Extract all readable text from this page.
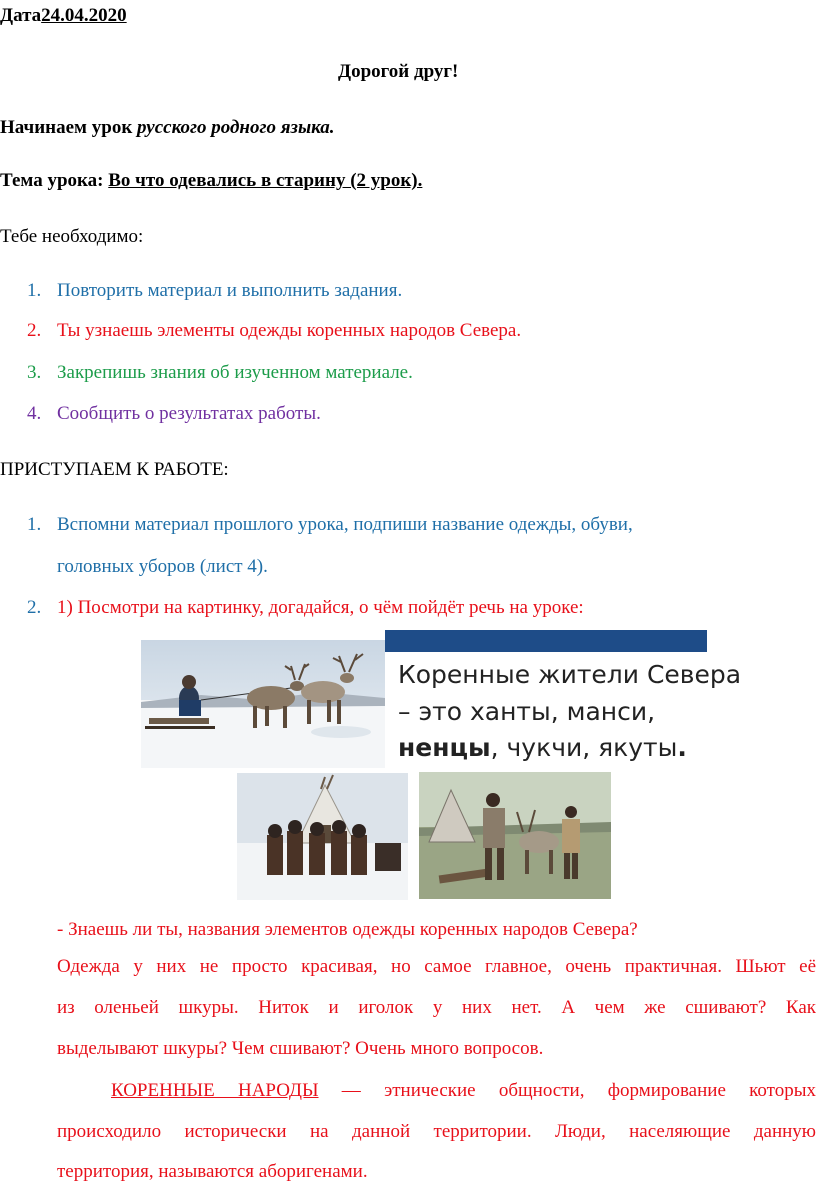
Дата24.04.2020
Дорогой друг!
Начинаем урок русского родного языка.
Тема урока: Во что одевались в старину (2 урок).
Тебе необходимо:
1. Повторить материал и выполнить задания.
2. Ты узнаешь элементы одежды коренных народов Севера.
3. Закрепишь знания об изученном материале.
4. Сообщить о результатах работы.
ПРИСТУПАЕМ К РАБОТЕ:
1. Вспомни материал прошлого урока, подпиши название одежды, обуви,
головных уборов (лист 4).
2. 1) Посмотри на картинку, догадайся, о чём пойдёт речь на уроке:
Коренные жители Севера
– это ханты, манси,
ненцы, чукчи, якуты.
- Знаешь ли ты, названия элементов одежды коренных народов Севера?
Одежда у них не просто красивая, но самое главное, очень практичная. Шьют её
из оленьей шкуры. Ниток и иголок у них нет. А чем же сшивают? Как
выделывают шкуры? Чем сшивают? Очень много вопросов.
КОРЕННЫЕ НАРОДЫ — этнические общности, формирование которых
происходило исторически на данной территории. Люди, населяющие данную
территория, называются аборигенами.
